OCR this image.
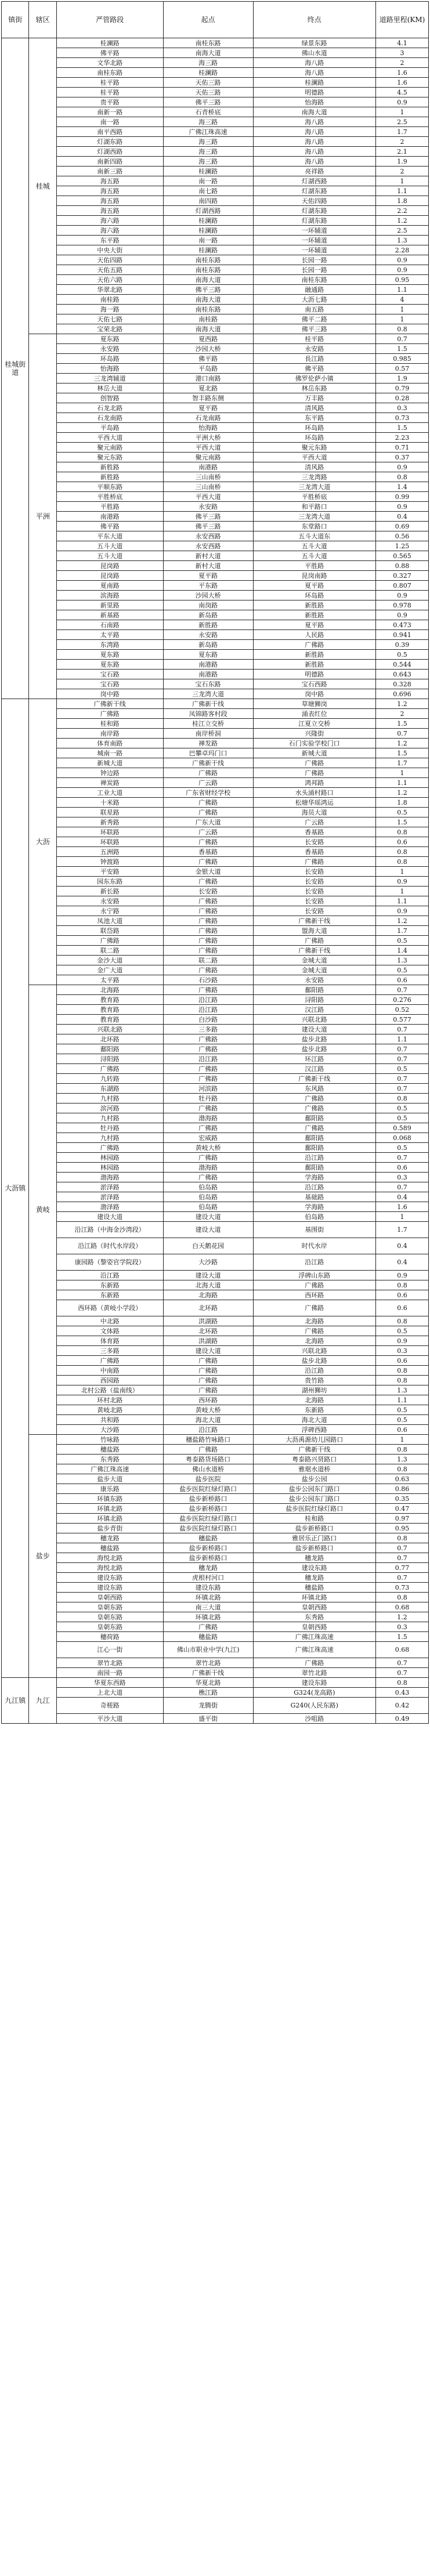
镇街	辖区	严管路段	起点	终点	道路里程(KM)
桂城街道	桂城	桂澜路	南桂东路	绿景东路	4.1
		佛平路	南海大道	佛山水道	3
		文华北路	海三路	海八路	2
		南桂东路	桂澜路	海八路	1.6
		桂平路	天佑三路	桂澜路	1.6
		桂平路	天佑三路	明德路	4.5
		贵平路	佛平三路	怡海路	0.9
		南新一路	石青桥底	南海大道	1
		南一路	海三路	海八路	2.5
		南平西路	广佛江珠高速	海八路	1.7
		灯湖东路	海三路	海八路	2
		灯湖西路	海三路	海八路	2.1
		南新四路	海三路	海八路	1.9
		南新三路	桂澜路	亮祥路	2
		海五路	南一路	灯湖西路	1
		海五路	南七路	灯湖东路	1.1
		海五路	南四路	天佑四路	1.8
		海五路	灯湖西路	灯湖东路	2.2
		海六路	桂澜路	灯湖东路	1.2
		海六路	桂澜路	一环辅道	2.5
		东平路	南一路	一环辅道	1.3
		中央大街	桂澜路	一环辅道	2.28
		天佑四路	南桂东路	长园一路	0.9
		天佑五路	南桂东路	长园一路	0.9
		天佑六路	南海大道	南桂东路	0.95
		华翠北路	佛平三路	融通路	1.1
		南桂路	南海大道	大沥七路	4
		海一路	南桂东路	南五路	1
		天佑七路	南桂路	佛平二路	1
		宝荣北路	南海大道	佛平三路	0.8
	平洲	夏东路	夏西路	桂平路	0.7
		永安路	沙园大桥	永安路	1.5
		环岛路	佛平路	長江路	0.985
		怡海路	平岛路	佛平路	0.57
		三龙湾辅道	港口南路	佛罗伦萨小镇	1.9
		林岳大道	夏北路	林岳东路	0.79
		创智路	智丰路东侧	万丰路	0.28
		石龙北路	夏平路	清风路	0.3
		石龙南路	石龙南路	东平路	0.73
		平岛路	怡海路	环岛路	1.5
		平西大道	平洲大桥	环岛路	2.23
		聚元南路	平西大道	聚元东路	0.71
		聚元东路	聚元南路	平西大道	0.37
		新胜路	南港路	清风路	0.9
		新胜路	三山南桥	三龙湾路	0.8
		平顺东路	三山南桥	三龙湾大道	1.4
		平胜桥底	平西大道	平胜桥底	0.99
		平胜路	永安路	和平路口	0.9
		南港路	佛平三路	三龙湾大道	0.4
		佛平路	佛平三路	东堂路口	0.69
		平东大道	永安西路	五斗大道东	0.56
		五斗大道	永安西路	五斗大道	1.25
		五斗大道	新村大道	五斗大道	0.565
		昆岗路	新村大道	平胜路	0.88
		昆岗路	夏平路	昆岗南路	0.327
		夏南路	平东路	夏平路	0.807
		滨海路	沙园大桥	环岛路	0.9
		新里路	南岗路	新胜路	0.978
		新基路	新岛路	新胜路	0.9
		石南路	新胜路	夏平路	0.473
		太平路	永安路	人民路	0.941
		东湾路	新岛路	广佛路	0.39
		夏东路	夏东路	新胜路	0.5
		夏东路	南港路	新胜路	0.544
		宝石路	南港路	明德路	0.643
		宝石路	宝石东路	宝石西路	0.328
		岗中路	三龙湾大道	岗中路	0.696
大沥镇	大沥	广佛新干线	广佛新干线	草塘狮岗	1.2
		广佛路	凤锦路客村段	涌表红位	2
		桂和路	桂江立交桥	江夏立交桥	1.5
		南岸路	南岸桥洞	兴隆街	0.7
		体育南路	禅发路	石门实验学校门口	1.2
		城南一路	巴攀卓玛门口	新城大道	1.5
		新城大道	广佛新干线	广佛路	1.7
		钟边路	广佛路	广佛路	1
		禅炭路	广云路	鸿邦路	1.1
		工业大道	广东省财经学校	水头涌村路口	1.2
		十米路	广佛路	松塘华瑶鸿运	1.8
		联星路	广佛路	海员大道	0.5
		新秀路	广东大道	广云路	1.5
		环联路	广云路	香基路	0.8
		环联路	广佛路	长安路	0.6
		五洲路	香基路	香基路	0.8
		钟渡路	广佛路	广佛路	0.8
		平安路	金银大道	长安路	1
		园东东路	广佛路	长安路	0.9
		新长路	长安路	长安路	1
		永安路	广佛路	长安路	1.1
		永宁路	广佛路	长安路	0.9
		凤池大道	广佛路	广佛新干线	1.2
		联岱路	广佛路	盟海大道	1.7
		广佛路	广佛路	广佛路	0.5
		联二路	广佛路	广佛新干线	1.4
		金沙大道	联二路	金城大道	1.3
		金广大道	广佛路	金城大道	0.5
		太平路	石沙路	永安路	0.6
	黄岐	北海路	广佛路	鄱阳路	0.7
		教育路	沿江路	浔阳路	0.276
		教育路	沿江路	汉江路	0.52
		教育路	白沙路	兴联北路	0.577
		兴联北路	三多路	建设大道	0.7
		北环路	广佛路	盐步北路	1.1
		鄱阳路	广佛路	盐步北路	0.7
		浔阳路	沿江路	环江路	0.7
		广佛路	广佛路	汉江路	0.5
		九转路	广佛路	广佛新干线	0.7
		东湖路	河滨路	东风路	0.7
		九村路	牡丹路	广佛路	0.8
		滨河路	广佛路	广佛路	0.5
		九村路	渤海路	鄱阳路	0.5
		牡丹路	广佛路	广佛路	0.589
		九村路	宏威路	鄱阳路	0.068
		广佛路	黄岐大桥	鄱阳路	0.5
		林园路	广佛路	沿江路	0.7
		林园路	渤海路	鄱阳路	0.6
		渤海路	广佛路	学海路	0.3
		淤泽路	伯岛路	沿江路	0.7
		淤泽路	伯岛路	基础路	0.4
		渤泽路	伯岛路	学海路	1.6
		建设大道	建设大道	伯岛路	1
		沿江路（中海金沙湾段）	建设大道	基围街	1.7
		沿江路（时代水岸段）	白天鹅花园	时代水岸	0.4
		康园路（黎姿官学院段）	大沙路	沿江路	0.4
		沿江路	建设大道	浮碑山东路	0.9
		东新路	北海大道	广佛路	0.8
		东新路	北海路	西环路	0.6
		西环路（黄岐小学段）	北环路	广佛路	0.6
		中北路	洪湖路	北海路	0.8
		文体路	北环路	广佛路	0.5
		体育路	洪湖路	北海路	0.9
		三多路	建设大道	兴联北路	0.3
		广佛路	广佛路	盐步北路	0.6
		中南路	广佛路	沿江路	0.8
		西园路	广佛路	贵竹路	0.8
		北村公路（盐南线）	广佛路	湖州狮坊	1.3
		环村北路	西环路	北海路	1.1
		黄岐北路	黄岐大桥	东新路	0.5
		共和路	海北大道	海北大道	0.5
		大沙路	沿江路	浮碑西路	0.6
	盐步	竹咏路	穗盐路竹咏路口	大沥禹源幼儿园路口	1
		穗盐路	广佛路	广佛新干线	0.8
		东秀路	粤泰路货场路口	粤泰路兴贤路口	1.3
		广佛江珠高速	佛山水道桥	雅琚水道桥	0.8
		盐步大道	盐步医院	盐步公园	0.63
		康乐路	盐步医院红绿灯路口	盐步公园东门路口	0.86
		环镇东路	盐步新桥路口	盐步公园东门路口	0.35
		环镇北路	盐步新桥路口	盐步医院红绿灯路口	0.47
		环镇北路	盐步医院红绿灯路口	桂和路	0.97
		盐步青街	盐步医院红绿灯路口	盐步新桥路口	0.95
		穗龙路	穗盐路	雅居乐正门路口	0.8
		穗盐路	盐步新桥路口	盐步新桥路口	0.7
		海悦北路	盐步新桥路口	穗龙路	0.7
		海悦北路	穗龙路	建设东路	0.77
		建设东路	虎根村河口	穗龙路	0.7
		建设东路	建设东路	穗盐路	0.73
		皇朝西路	环镇北路	环镇北路	0.8
		皇朝东路	南三大道	皇朝西路	0.68
		皇朝东路	环镇北路	东秀路	1.2
		皇朝东路	广佛路	皇朝西路	0.3
		穗荷路	穗盐路	广佛江珠高速	1.5
		江心一街	佛山市职业中学(九江)	广佛江珠高速	0.68
		翠竹北路	翠竹北路	广佛路	0.7
		南园一路	广佛新干线	翠竹北路	0.7
九江镇	九江	华夏东西路	华夏北路	建设东路	0.8
		上北大道	樵江路	G324(龙高路)	0.43
		奇槎路	龙腾街	G240(人民东路)	0.42
		平沙大道	盛平街	沙咀路	0.49
